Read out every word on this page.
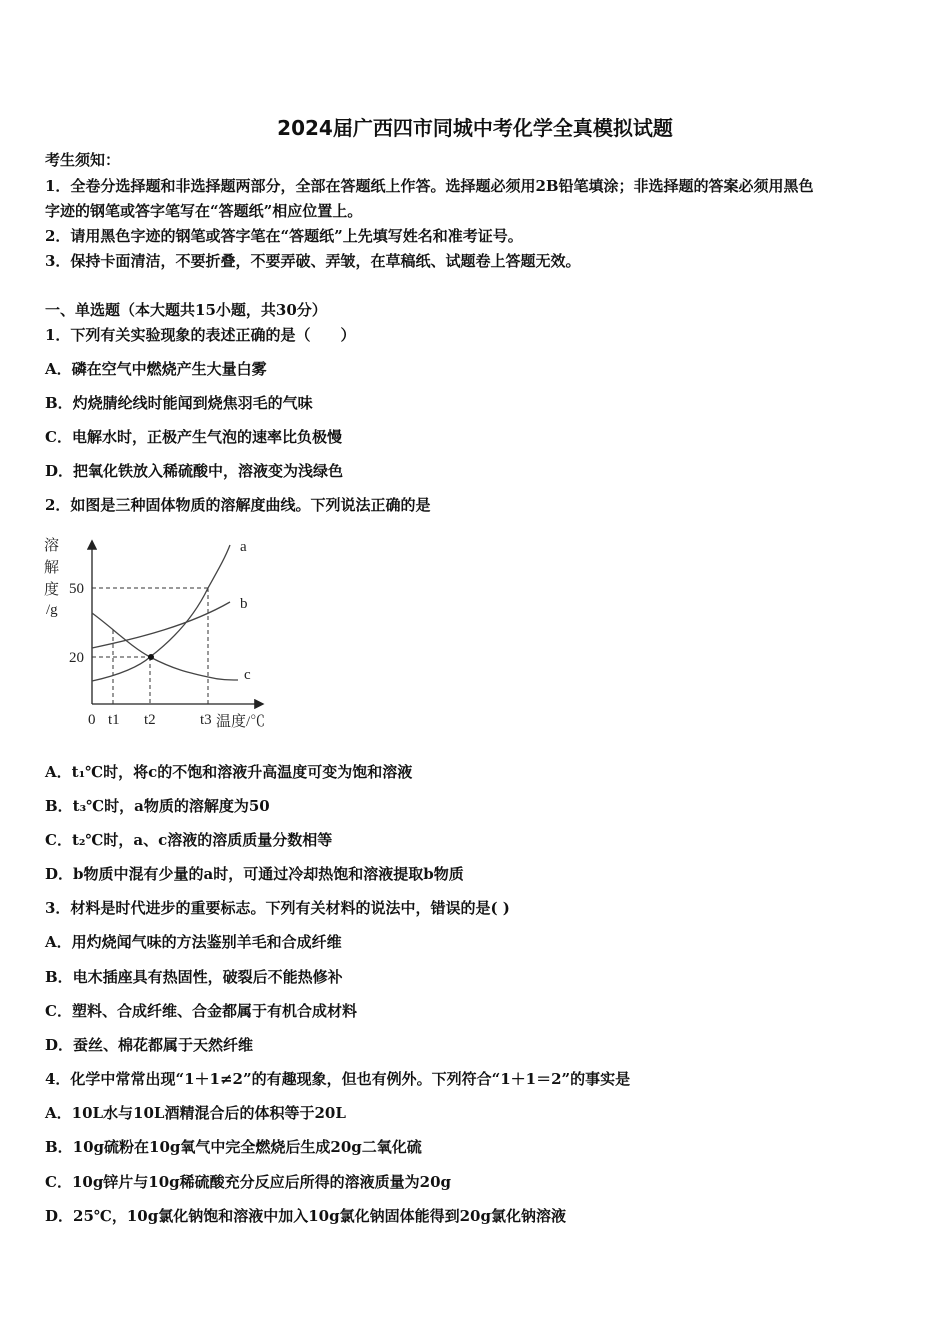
2024届广西四市同城中考化学全真模拟试题
考生须知：
1．全卷分选择题和非选择题两部分，全部在答题纸上作答。选择题必须用2B铅笔填涂；非选择题的答案必须用黑色
字迹的钢笔或答字笔写在“答题纸”相应位置上。
2．请用黑色字迹的钢笔或答字笔在“答题纸”上先填写姓名和准考证号。
3．保持卡面清洁，不要折叠，不要弄破、弄皱，在草稿纸、试题卷上答题无效。
一、单选题（本大题共15小题，共30分）
1．下列有关实验现象的表述正确的是（　　）
A．磷在空气中燃烧产生大量白雾
B．灼烧腈纶线时能闻到烧焦羽毛的气味
C．电解水时，正极产生气泡的速率比负极慢
D．把氧化铁放入稀硫酸中，溶液变为浅绿色
2．如图是三种固体物质的溶解度曲线。下列说法正确的是
溶
解
度
/g
50
20
0 t1 t2	t3 温度/℃
a
b
c
A．t₁℃时，将c的不饱和溶液升高温度可变为饱和溶液
B．t₃℃时，a物质的溶解度为50
C．t₂℃时，a、c溶液的溶质质量分数相等
D．b物质中混有少量的a时，可通过冷却热饱和溶液提取b物质
3．材料是时代进步的重要标志。下列有关材料的说法中，错误的是( )
A．用灼烧闻气味的方法鉴别羊毛和合成纤维
B．电木插座具有热固性，破裂后不能热修补
C．塑料、合成纤维、合金都属于有机合成材料
D．蚕丝、棉花都属于天然纤维
4．化学中常常出现“1＋1≠2”的有趣现象，但也有例外。下列符合“1＋1＝2”的事实是
A．10L水与10L酒精混合后的体积等于20L
B．10g硫粉在10g氧气中完全燃烧后生成20g二氧化硫
C．10g锌片与10g稀硫酸充分反应后所得的溶液质量为20g
D．25℃，10g氯化钠饱和溶液中加入10g氯化钠固体能得到20g氯化钠溶液
